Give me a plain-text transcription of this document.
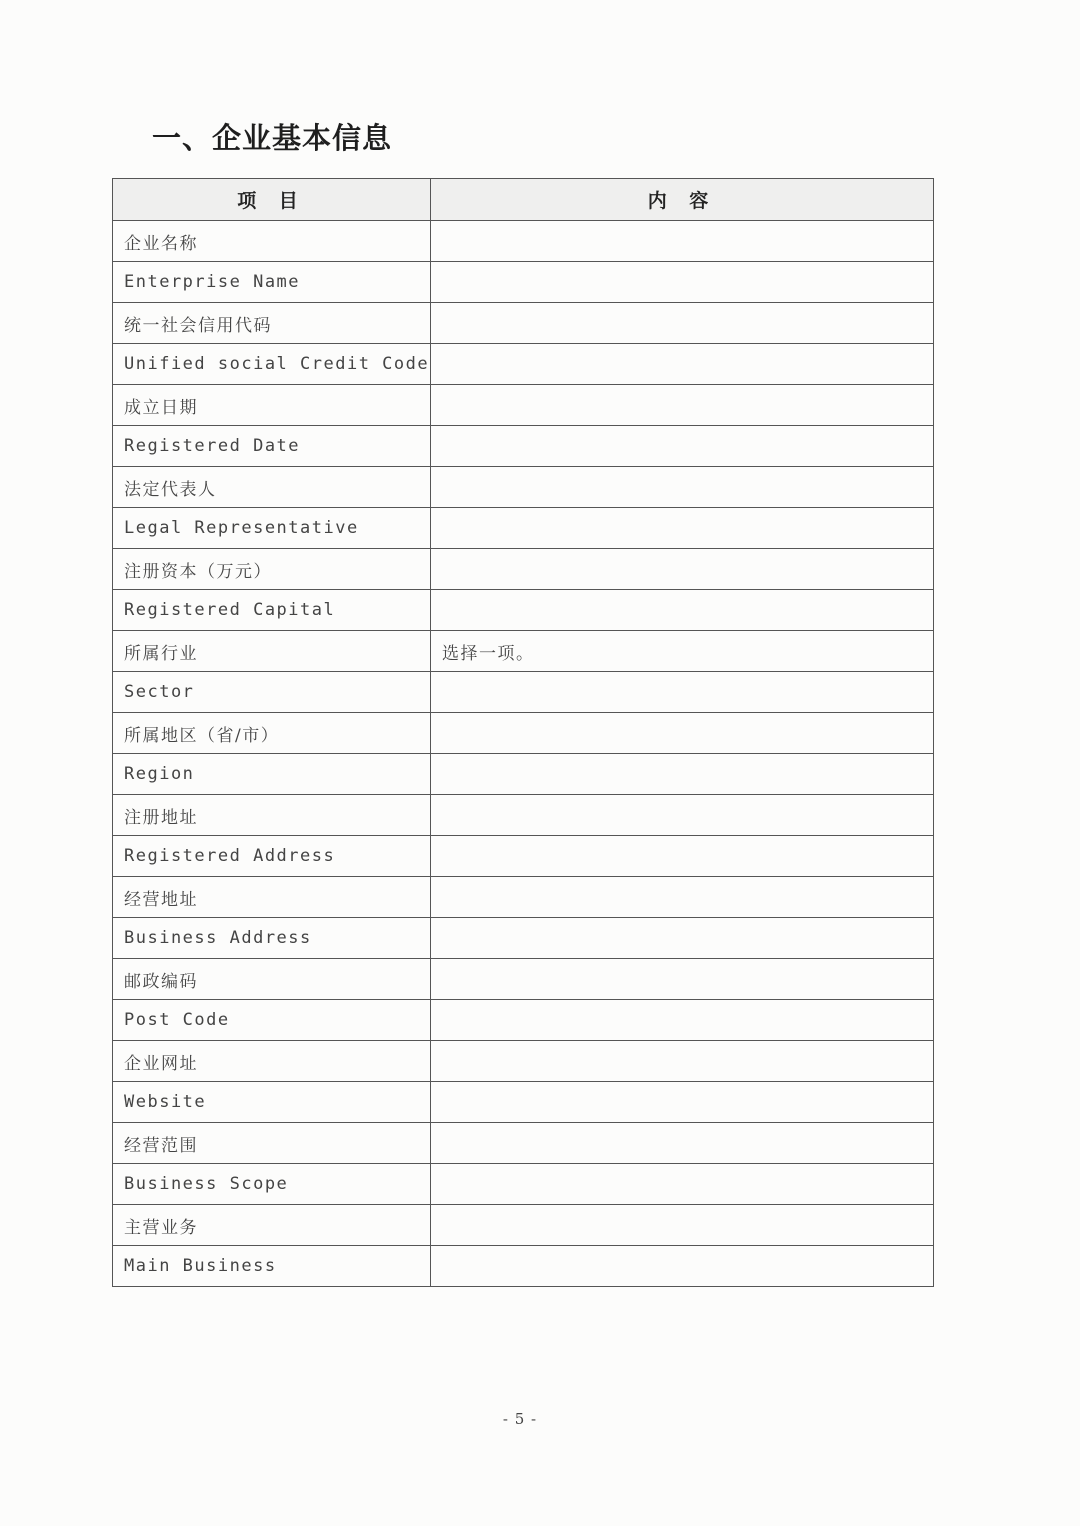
一、企业基本信息
项 目	内 容
企业名称	
Enterprise Name	
统一社会信用代码	
Unified social Credit Code	
成立日期	
Registered Date	
法定代表人	
Legal Representative	
注册资本（万元）	
Registered Capital	
所属行业	选择一项。
Sector	
所属地区（省/市）	
Region	
注册地址	
Registered Address	
经营地址	
Business Address	
邮政编码	
Post Code	
企业网址	
Website	
经营范围	
Business Scope	
主营业务	
Main Business	
- 5 -
